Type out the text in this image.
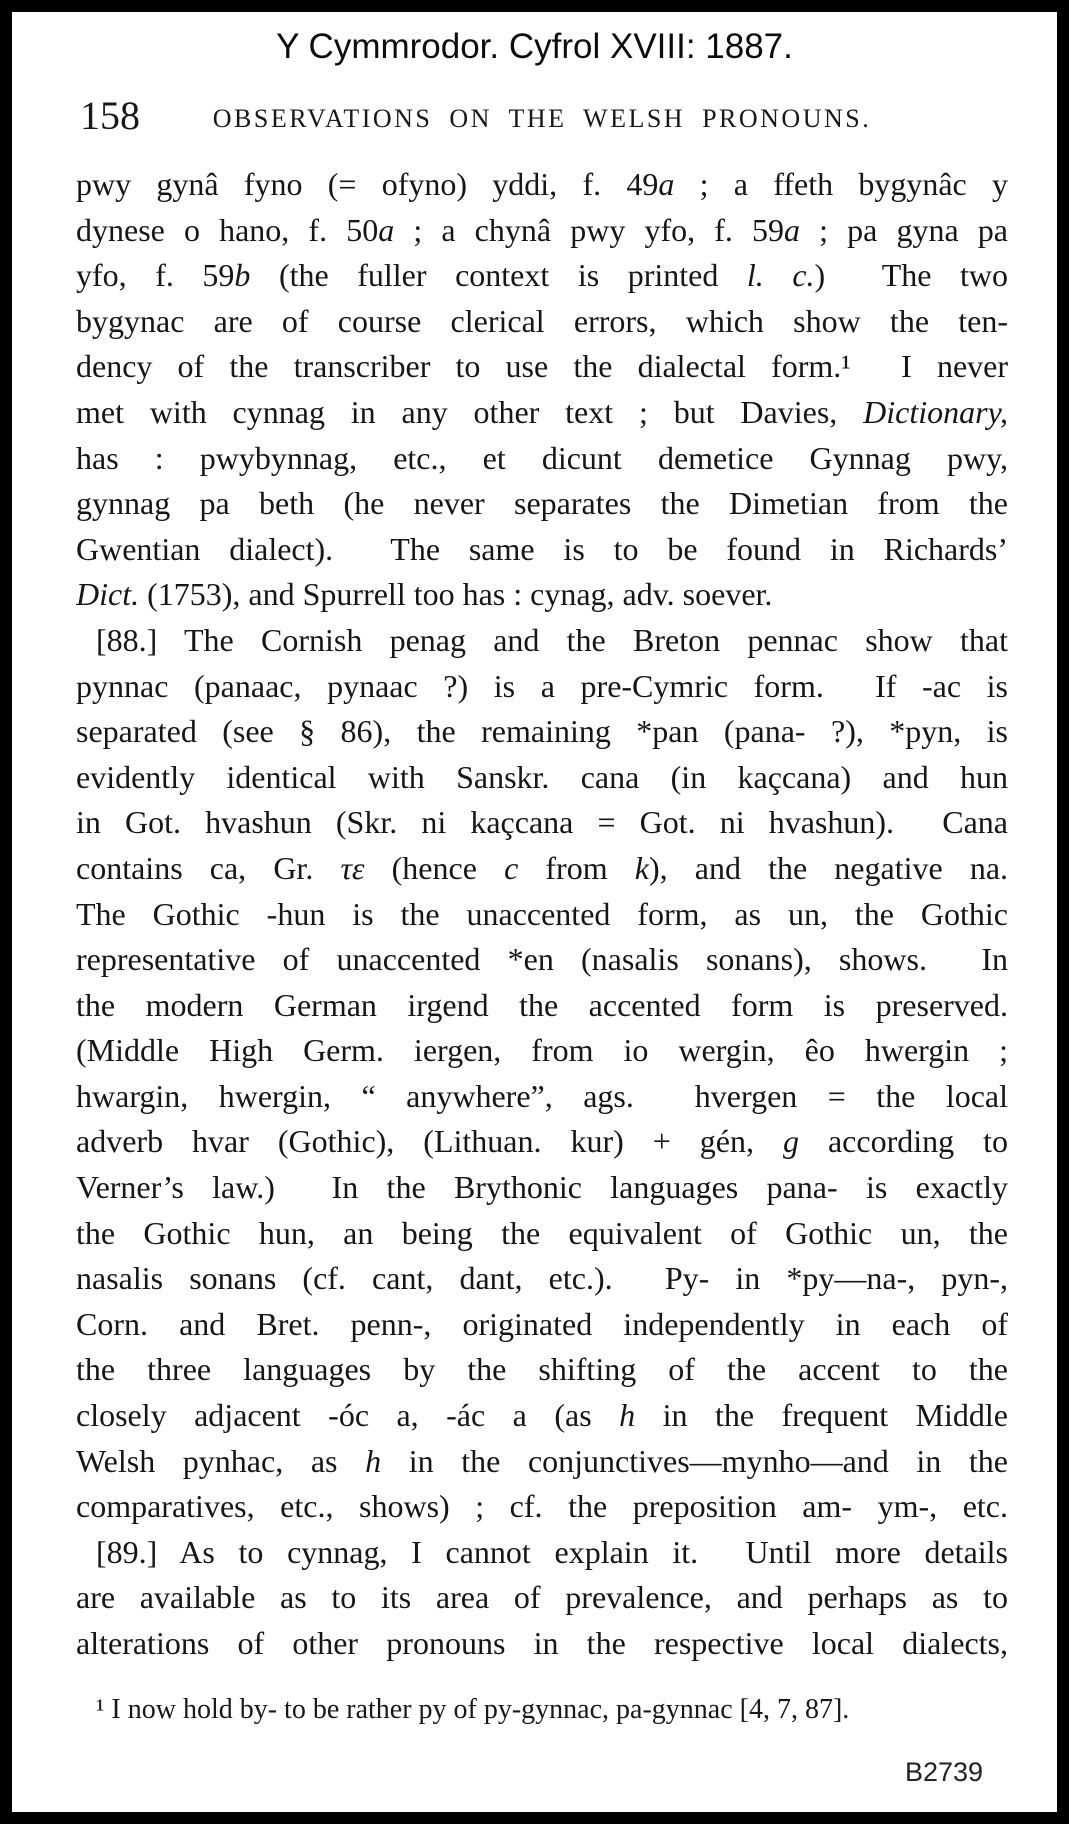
Y Cymmrodor. Cyfrol XVIII: 1887.
158	OBSERVATIONS ON THE WELSH PRONOUNS.
pwy gynâ fyno (= ofyno) yddi, f. 49a ; a ffeth bygynâc y
dynese o hano, f. 50a ; a chynâ pwy yfo, f. 59a ; pa gyna pa
yfo, f. 59b (the fuller context is printed l. c.)  The two
bygynac are of course clerical errors, which show the ten-
dency of the transcriber to use the dialectal form.¹  I never
met with cynnag in any other text ; but Davies, Dictionary,
has : pwybynnag, etc., et dicunt demetice Gynnag pwy,
gynnag pa beth (he never separates the Dimetian from the
Gwentian dialect).  The same is to be found in Richards’
Dict. (1753), and Spurrell too has : cynag, adv. soever.
[88.] The Cornish penag and the Breton pennac show that
pynnac (panaac, pynaac ?) is a pre-Cymric form.  If -ac is
separated (see § 86), the remaining *pan (pana- ?), *pyn, is
evidently identical with Sanskr. cana (in kaçcana) and hun
in Got. hvashun (Skr. ni kaçcana = Got. ni hvashun).  Cana
contains ca, Gr. τε (hence c from k), and the negative na.
The Gothic -hun is the unaccented form, as un, the Gothic
representative of unaccented *en (nasalis sonans), shows.  In
the modern German irgend the accented form is preserved.
(Middle High Germ. iergen, from io wergin, êo hwergin ;
hwargin, hwergin, “ anywhere”, ags.  hvergen = the local
adverb hvar (Gothic), (Lithuan. kur) + gén, g according to
Verner’s law.)  In the Brythonic languages pana- is exactly
the Gothic hun, an being the equivalent of Gothic un, the
nasalis sonans (cf. cant, dant, etc.).  Py- in *py—na-, pyn-,
Corn. and Bret. penn-, originated independently in each of
the three languages by the shifting of the accent to the
closely adjacent -óc a, -ác a (as h in the frequent Middle
Welsh pynhac, as h in the conjunctives—mynho—and in the
comparatives, etc., shows) ; cf. the preposition am- ym-, etc.
[89.] As to cynnag, I cannot explain it.  Until more details
are available as to its area of prevalence, and perhaps as to
alterations of other pronouns in the respective local dialects,
¹ I now hold by- to be rather py of py-gynnac, pa-gynnac [4, 7, 87].
B2739
